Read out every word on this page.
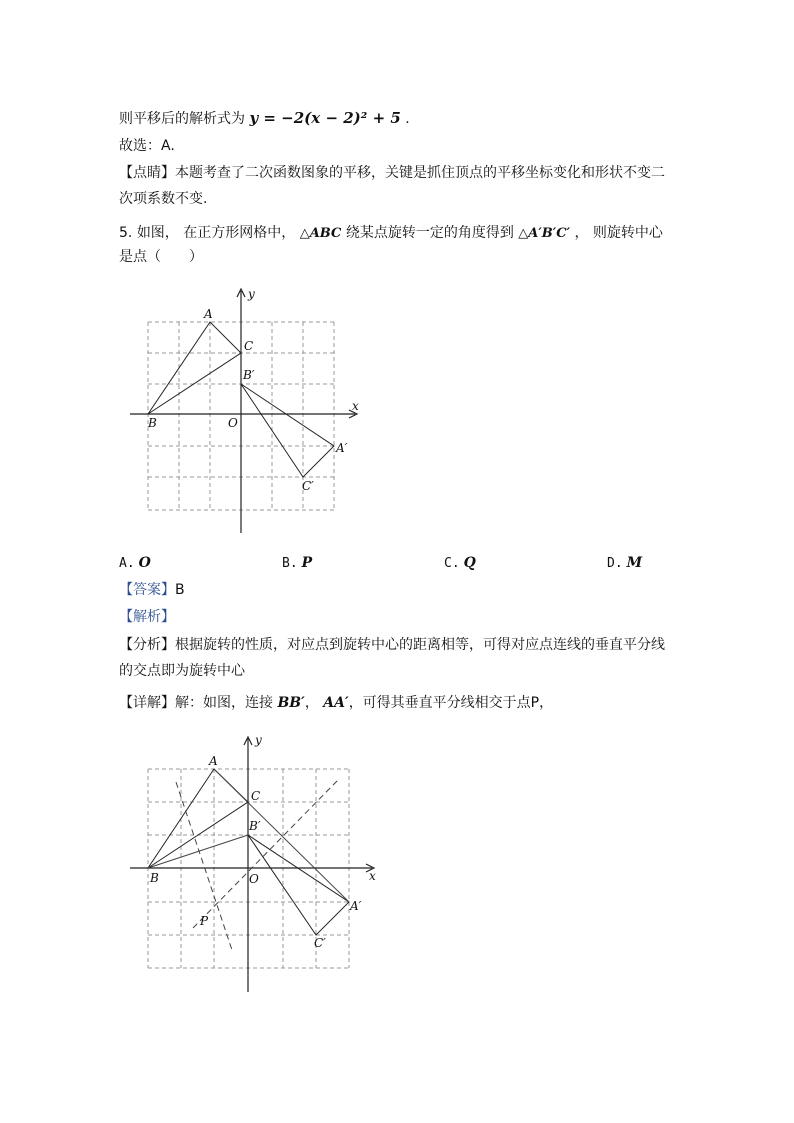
则平移后的解析式为 y = −2(x − 2)² + 5 .
故选：A.
【点睛】本题考查了二次函数图象的平移，关键是抓住顶点的平移坐标变化和形状不变二
次项系数不变.
5. 如图， 在正方形网格中， △ABC 绕某点旋转一定的角度得到 △A′B′C′ ， 则旋转中心
是点（　　）
x
y
O
A
B
C
A′
B′
C′
A. O	B. P	C. Q	D. M
【答案】B
【解析】
【分析】根据旋转的性质，对应点到旋转中心的距离相等，可得对应点连线的垂直平分线
的交点即为旋转中心
【详解】解：如图，连接 BB′， AA′，可得其垂直平分线相交于点P，
x
y
O
A
B
C
A′
B′
C′
P
